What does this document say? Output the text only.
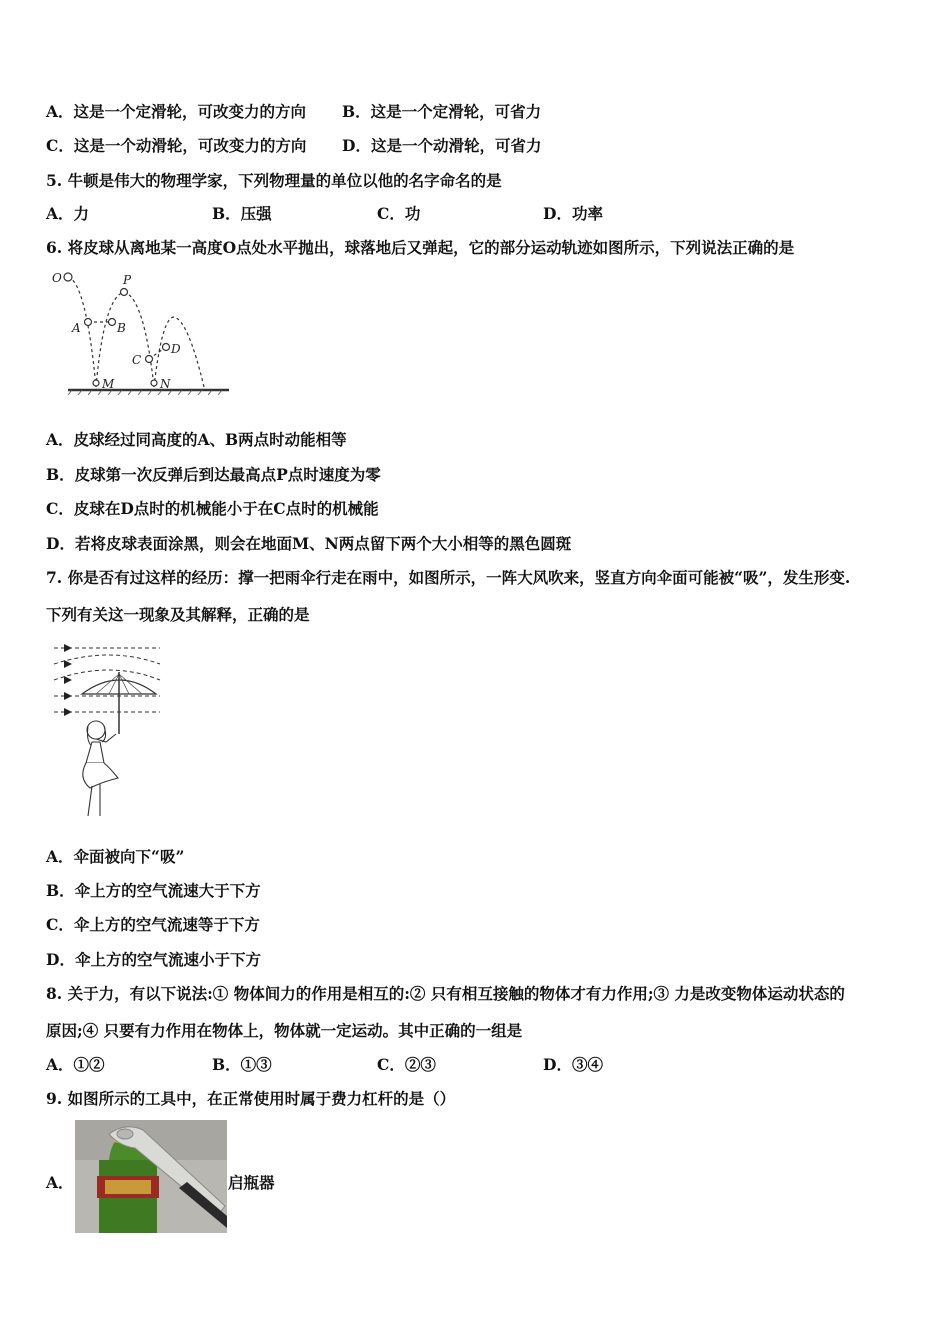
A．这是一个定滑轮，可改变力的方向 B．这是一个定滑轮，可省力
C．这是一个动滑轮，可改变力的方向 D．这是一个动滑轮，可省力
5. 牛顿是伟大的物理学家，下列物理量的单位以他的名字命名的是
A．力	B．压强	C．功	D．功率
6. 将皮球从离地某一高度O点处水平抛出，球落地后又弹起，它的部分运动轨迹如图所示，下列说法正确的是
O	P
A	B
C
D
M	N
A．皮球经过同高度的A、B两点时动能相等
B．皮球第一次反弹后到达最高点P点时速度为零
C．皮球在D点时的机械能小于在C点时的机械能
D．若将皮球表面涂黑，则会在地面M、N两点留下两个大小相等的黑色圆斑
7. 你是否有过这样的经历：撑一把雨伞行走在雨中，如图所示，一阵大风吹来，竖直方向伞面可能被“吸”，发生形变.
下列有关这一现象及其解释，正确的是
A．伞面被向下“吸”
B．伞上方的空气流速大于下方
C．伞上方的空气流速等于下方
D．伞上方的空气流速小于下方
8. 关于力，有以下说法:① 物体间力的作用是相互的:② 只有相互接触的物体才有力作用;③ 力是改变物体运动状态的
原因;④ 只要有力作用在物体上，物体就一定运动。其中正确的一组是
A．①②	B．①③	C．②③	D．③④
9. 如图所示的工具中，在正常使用时属于费力杠杆的是（）
A．	启瓶器
